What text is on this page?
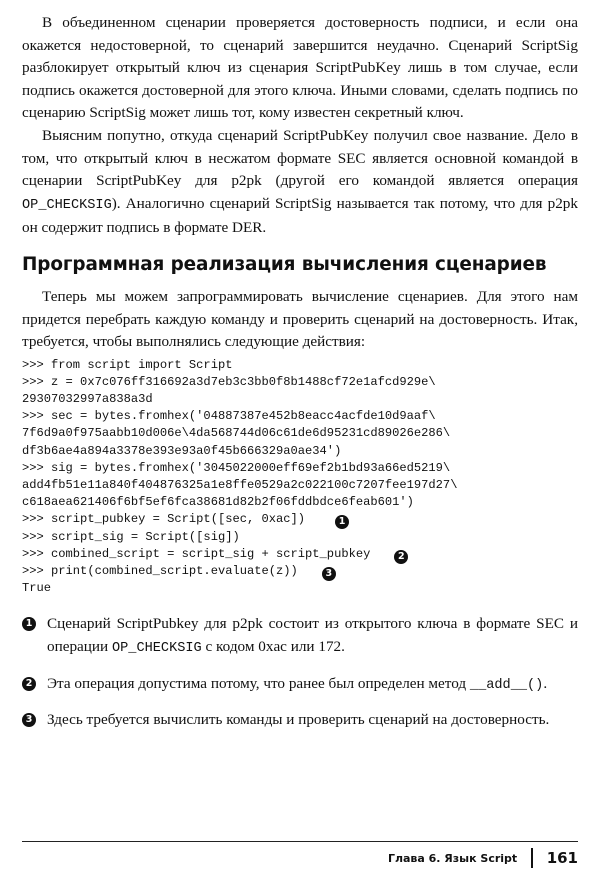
В объединенном сценарии проверяется достоверность подписи, и если она окажется недостоверной, то сценарий завершится неудачно. Сценарий ScriptSig разблокирует открытый ключ из сценария ScriptPubKey лишь в том случае, если подпись окажется достоверной для этого ключа. Иными словами, сделать подпись по сценарию ScriptSig может лишь тот, кому известен секретный ключ.

Выясним попутно, откуда сценарий ScriptPubKey получил свое название. Дело в том, что открытый ключ в несжатом формате SEC является основной командой в сценарии ScriptPubKey для p2pk (другой его командой является операция OP_CHECKSIG). Аналогично сценарий ScriptSig называется так потому, что для p2pk он содержит подпись в формате DER.

Программная реализация вычисления сценариев

Теперь мы можем запрограммировать вычисление сценариев. Для этого нам придется перебрать каждую команду и проверить сценарий на достоверность. Итак, требуется, чтобы выполнялись следующие действия:

>>> from script import Script
>>> z = 0x7c076ff316692a3d7eb3c3bb0f8b1488cf72e1afcd929e\
29307032997a838a3d
>>> sec = bytes.fromhex('04887387e452b8eacc4acfde10d9aaf\
7f6d9a0f975aabb10d006e\4da568744d06c61de6d95231cd89026e286\
df3b6ae4a894a3378e393e93a0f45b666329a0ae34')
>>> sig = bytes.fromhex('3045022000eff69ef2b1bd93a66ed5219\
add4fb51e11a840f404876325a1e8ffe0529a2c022100c7207fee197d27\
c618aea621406f6bf5ef6fca38681d82b2f06fddbdce6feab601')
>>> script_pubkey = Script([sec, 0xac])	1
>>> script_sig = Script([sig])
>>> combined_script = script_sig + script_pubkey	2
>>> print(combined_script.evaluate(z))	3
True
1 Сценарий ScriptPubkey для p2pk состоит из открытого ключа в формате SEC и операции OP_CHECKSIG с кодом 0xac или 172.
2 Эта операция допустима потому, что ранее был определен метод __add__().
3 Здесь требуется вычислить команды и проверить сценарий на достоверность.
Глава 6. Язык Script 161
